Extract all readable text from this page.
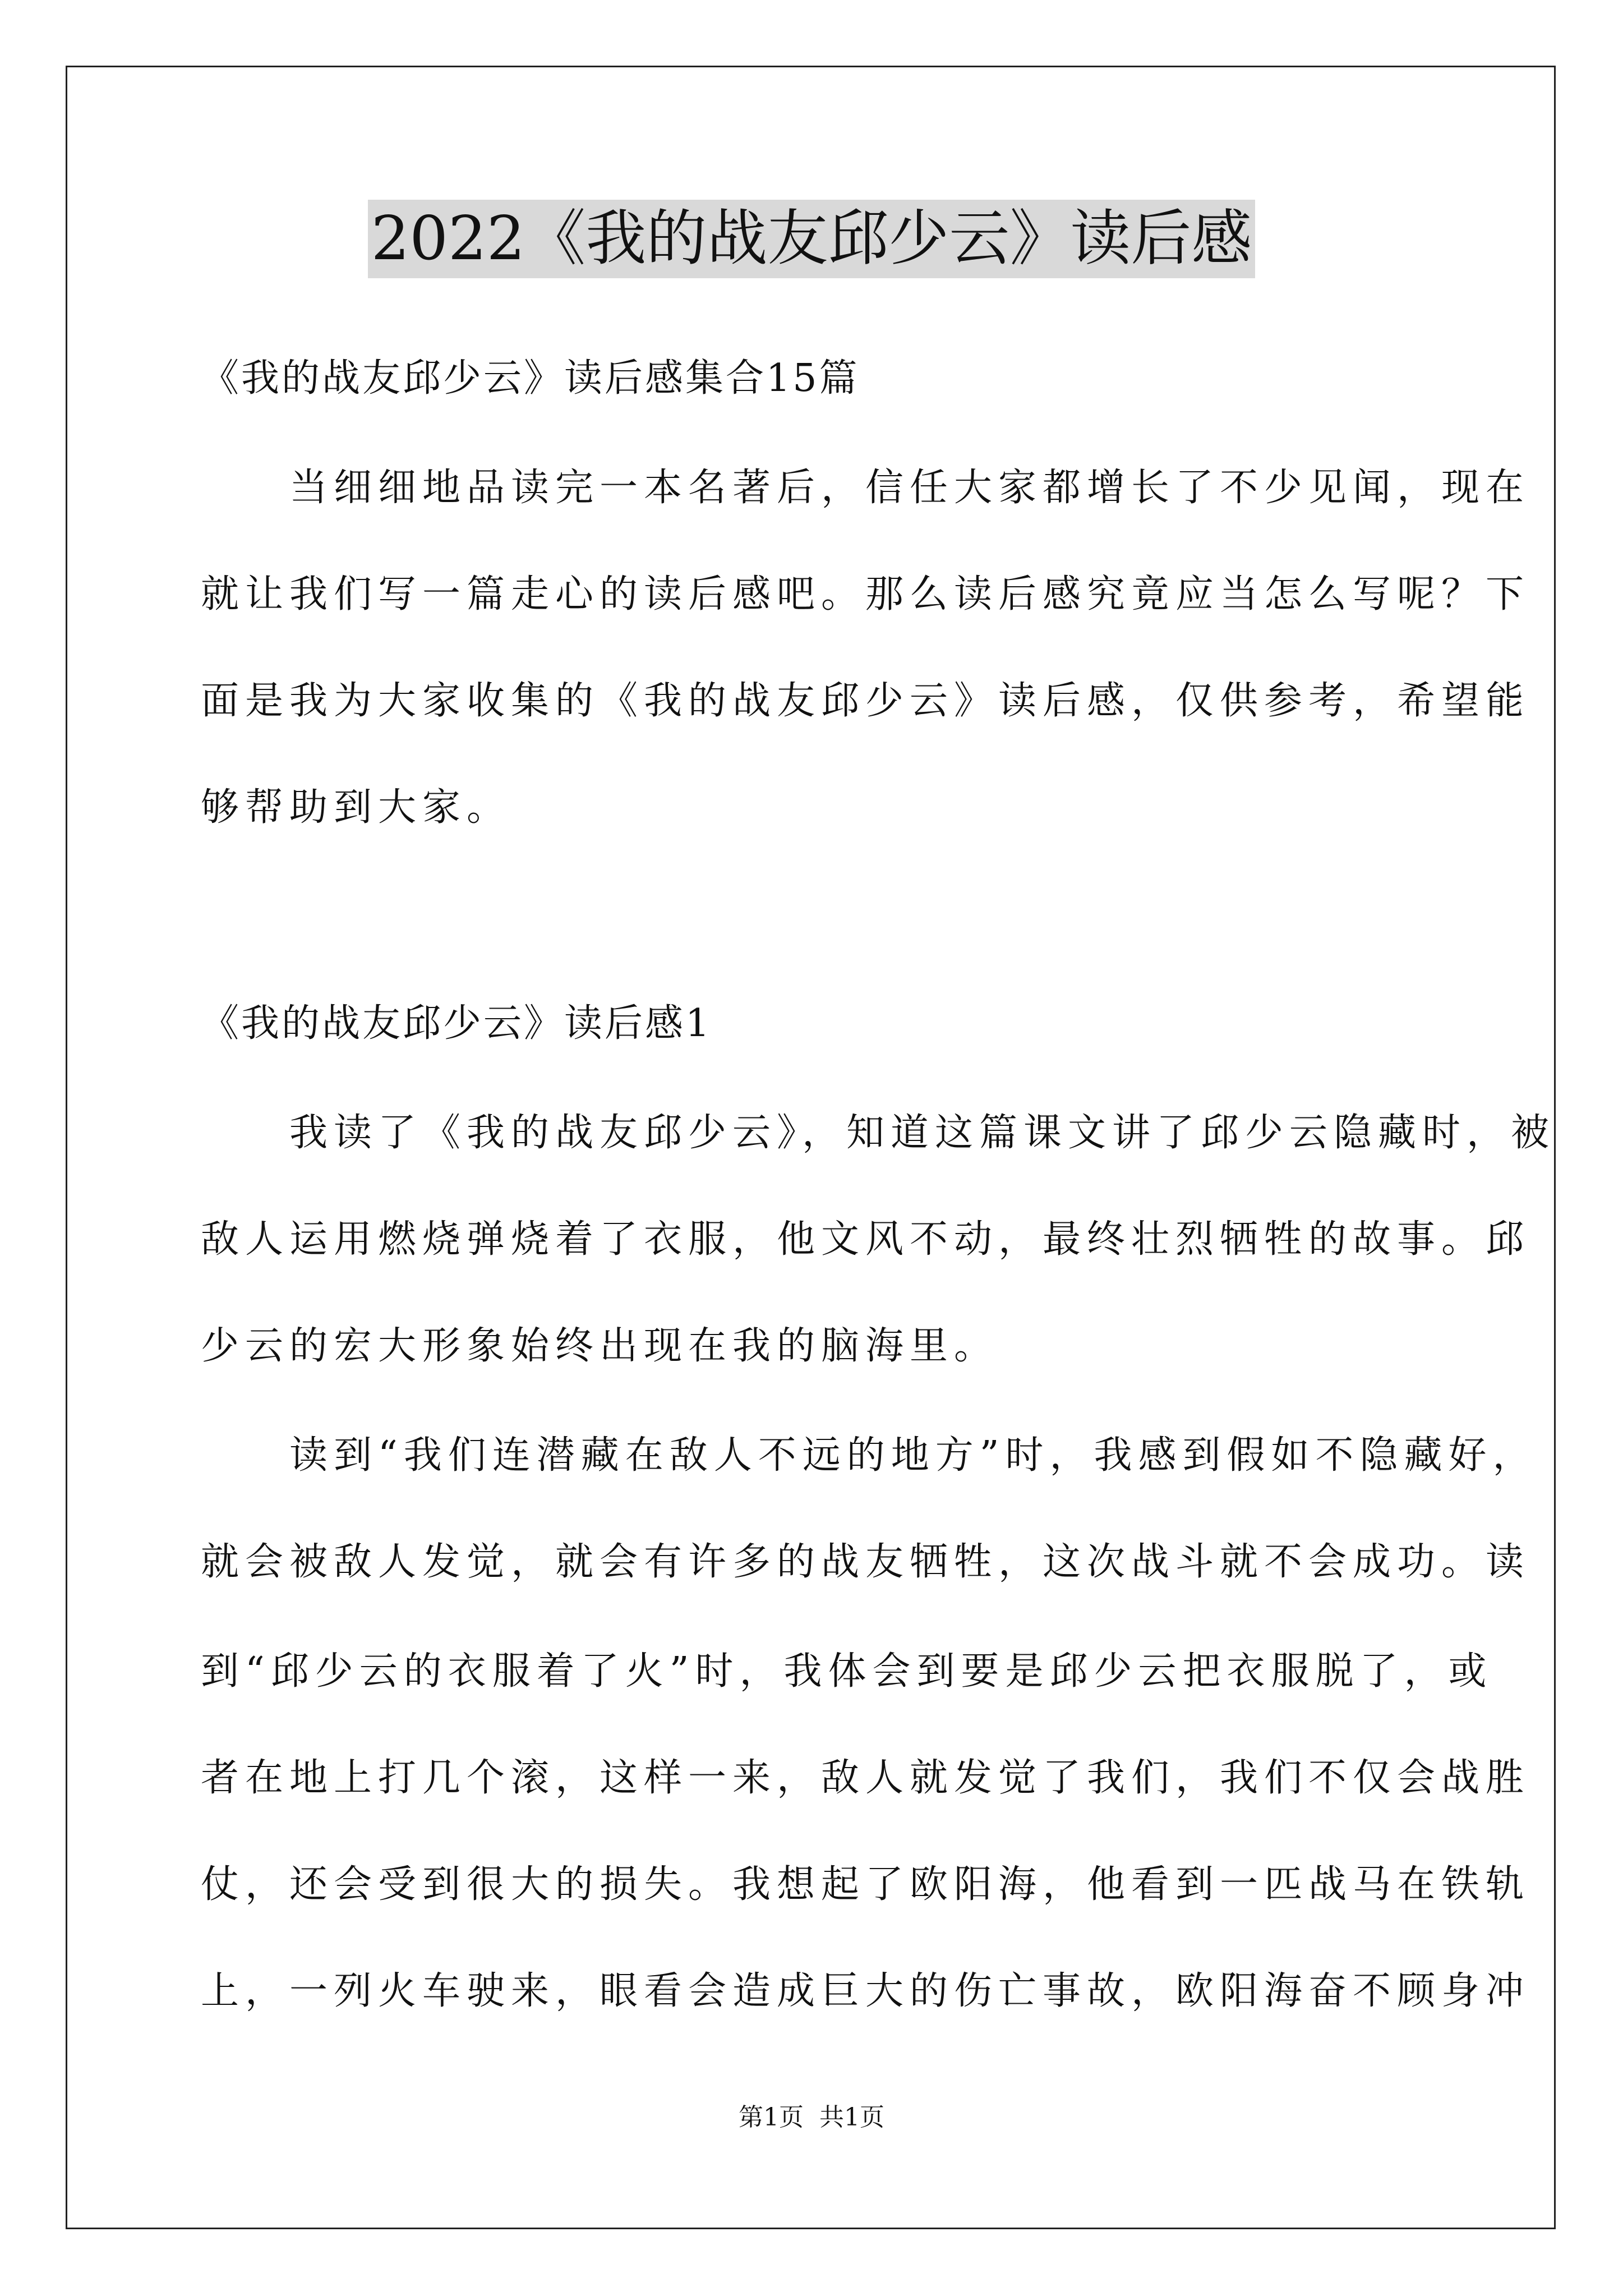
2022《我的战友邱少云》读后感
《我的战友邱少云》读后感集合15篇
　　当细细地品读完一本名著后，信任大家都增长了不少见闻，现在
就让我们写一篇走心的读后感吧。那么读后感究竟应当怎么写呢？下
面是我为大家收集的《我的战友邱少云》读后感，仅供参考，希望能
够帮助到大家。
《我的战友邱少云》读后感1
　　我读了《我的战友邱少云》，知道这篇课文讲了邱少云隐藏时，被
敌人运用燃烧弹烧着了衣服，他文风不动，最终壮烈牺牲的故事。邱
少云的宏大形象始终出现在我的脑海里。
　　读到“我们连潜藏在敌人不远的地方”时，我感到假如不隐藏好，
就会被敌人发觉，就会有许多的战友牺牲，这次战斗就不会成功。读
到“邱少云的衣服着了火”时，我体会到要是邱少云把衣服脱了，或
者在地上打几个滚，这样一来，敌人就发觉了我们，我们不仅会战胜
仗，还会受到很大的损失。我想起了欧阳海，他看到一匹战马在铁轨
上，一列火车驶来，眼看会造成巨大的伤亡事故，欧阳海奋不顾身冲
第1页 共1页
